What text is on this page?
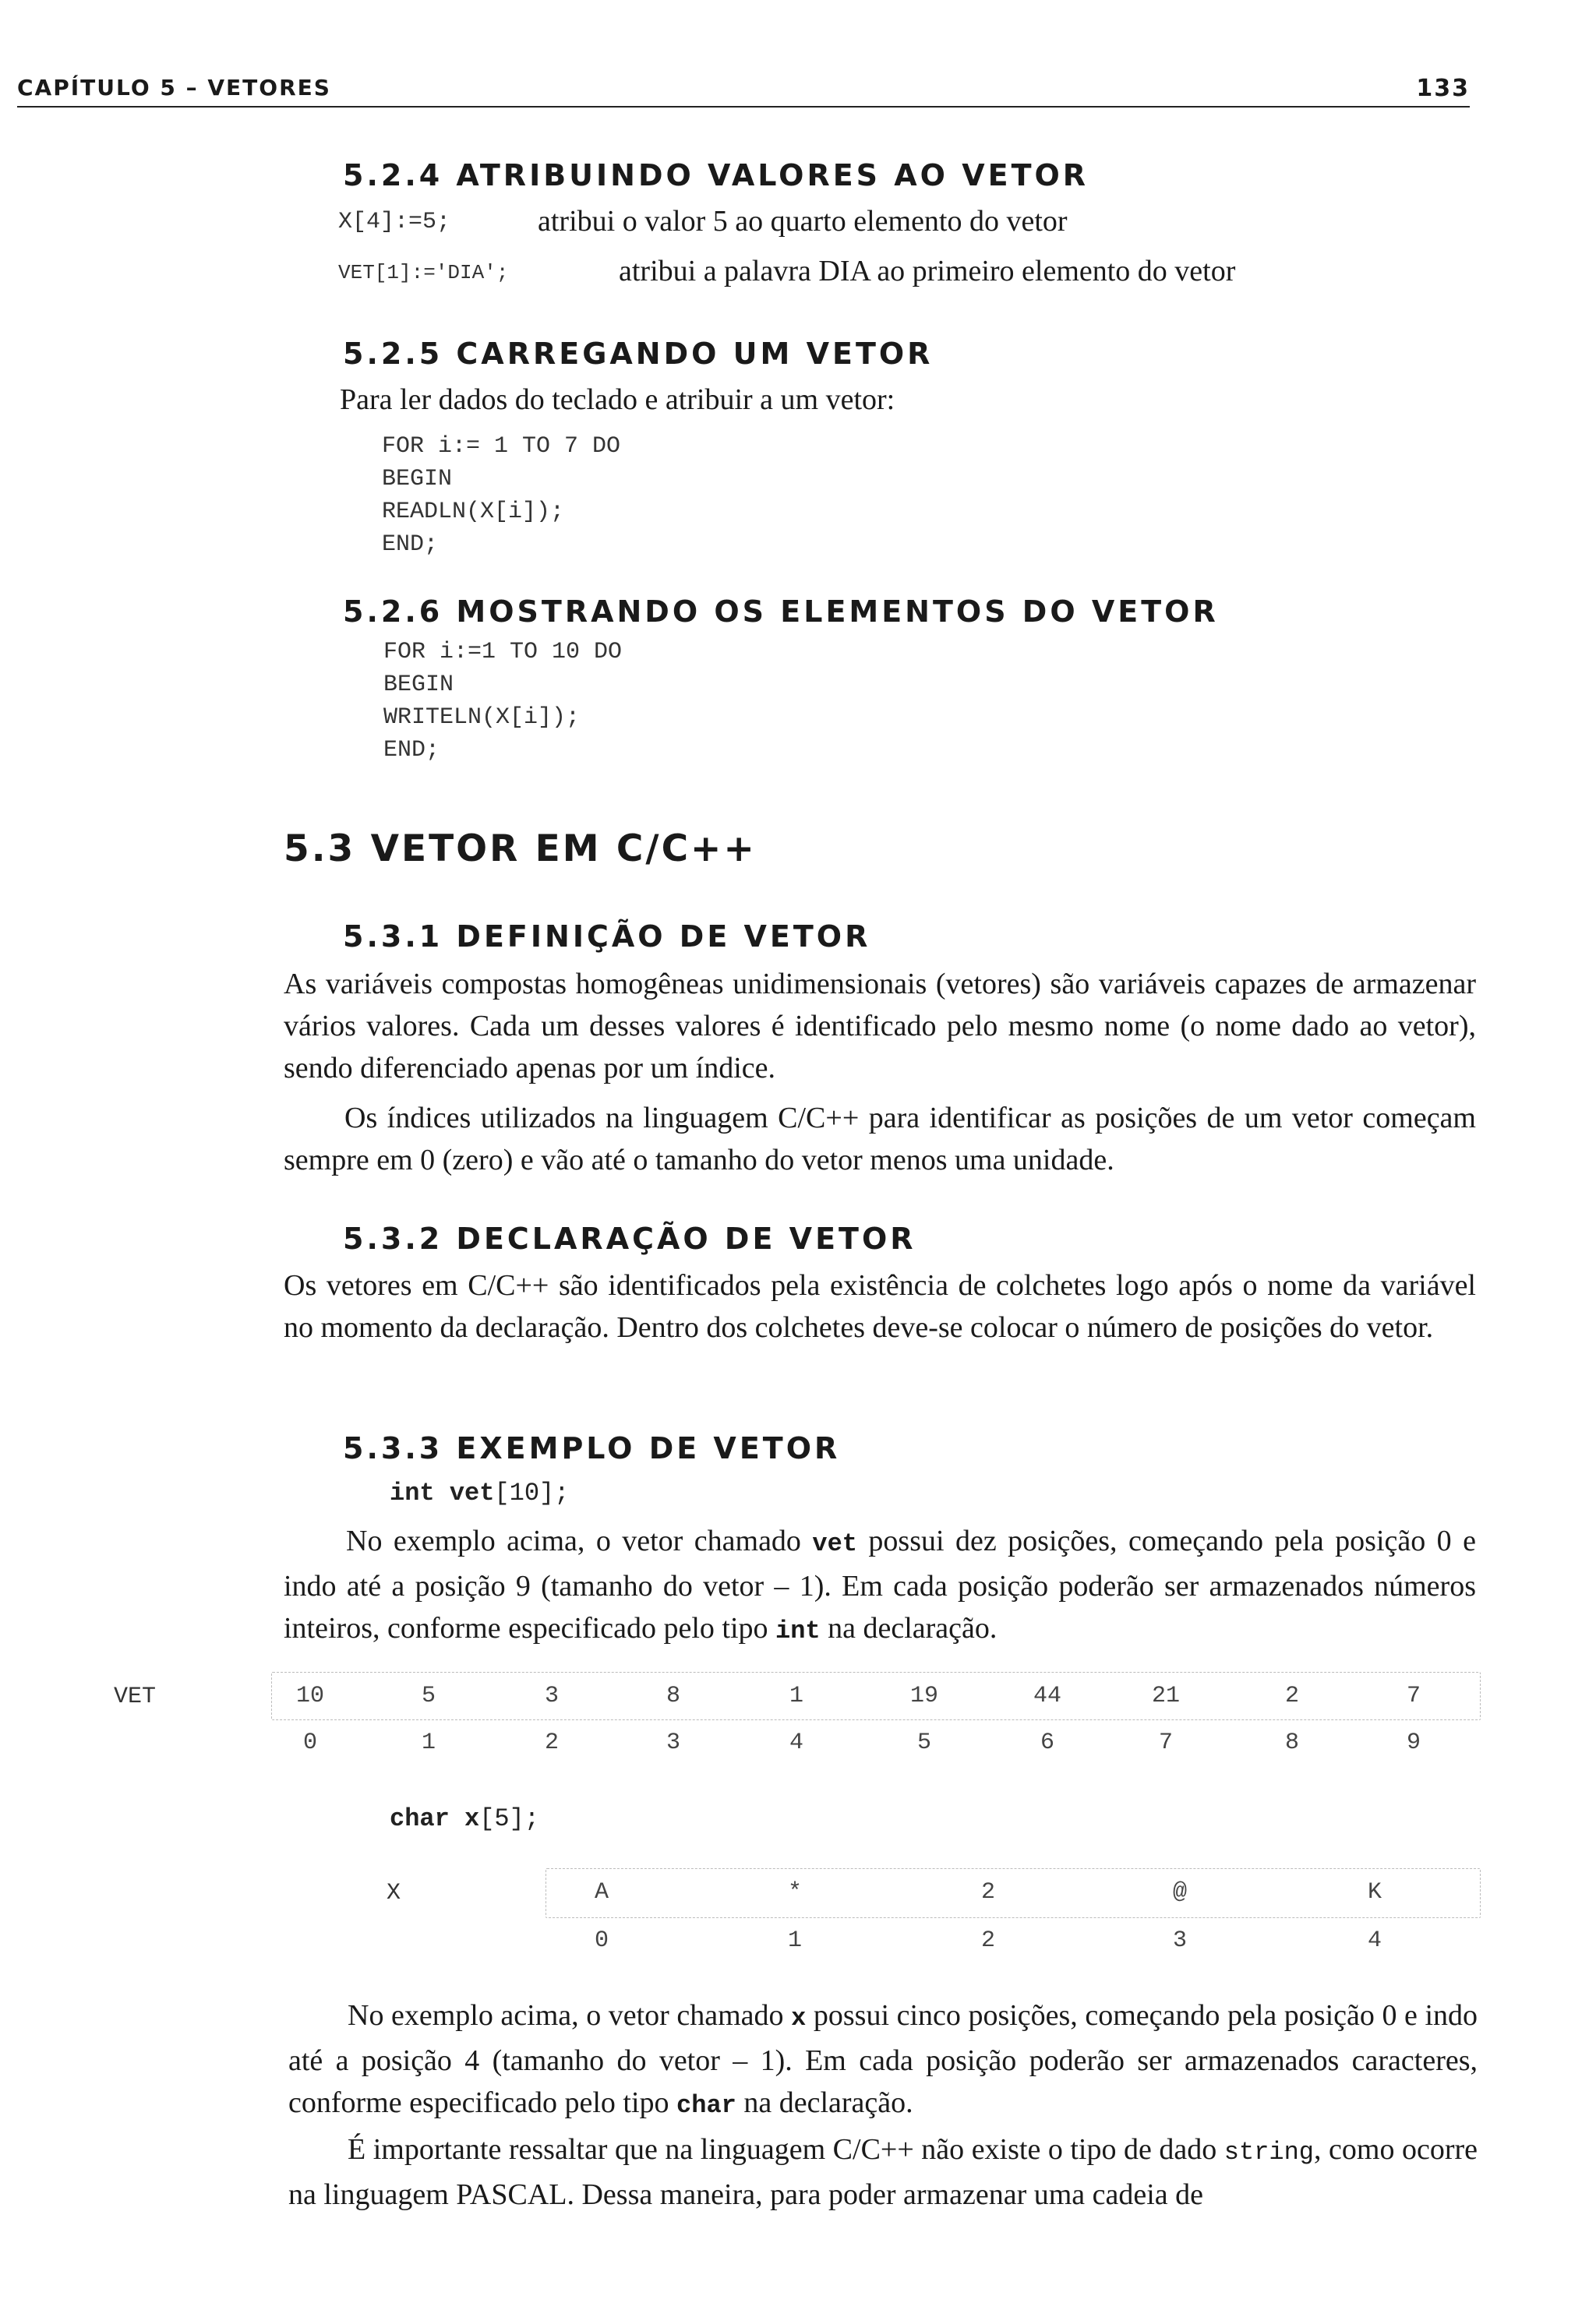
CAPÍTULO 5 – VETORES	133
5.2.4 ATRIBUINDO VALORES AO VETOR
X[4]:=5;	atribui o valor 5 ao quarto elemento do vetor
VET[1]:='DIA';	atribui a palavra DIA ao primeiro elemento do vetor
5.2.5 CARREGANDO UM VETOR
Para ler dados do teclado e atribuir a um vetor:
FOR i:= 1 TO 7 DO
BEGIN
READLN(X[i]);
END;
5.2.6 MOSTRANDO OS ELEMENTOS DO VETOR
FOR i:=1 TO 10 DO
BEGIN
WRITELN(X[i]);
END;
5.3 VETOR EM C/C++
5.3.1 DEFINIÇÃO DE VETOR
As variáveis compostas homogêneas unidimensionais (vetores) são variáveis capazes de armazenar vários valores. Cada um desses valores é identificado pelo mesmo nome (o nome dado ao vetor), sendo diferenciado apenas por um índice.
Os índices utilizados na linguagem C/C++ para identificar as posições de um vetor começam sempre em 0 (zero) e vão até o tamanho do vetor menos uma unidade.
5.3.2 DECLARAÇÃO DE VETOR
Os vetores em C/C++ são identificados pela existência de colchetes logo após o nome da variável no momento da declaração. Dentro dos colchetes deve-se colocar o número de posições do vetor.
5.3.3 EXEMPLO DE VETOR
int vet[10];
No exemplo acima, o vetor chamado vet possui dez posições, começando pela posição 0 e indo até a posição 9 (tamanho do vetor – 1). Em cada posição poderão ser armazenados números inteiros, conforme especificado pelo tipo int na declaração.
VET	10	5	3	8	1	19	44	21	2	7
0	1	2	3	4	5	6	7	8	9
char x[5];
X	A	*	2	@	K
0	1	2	3	4
No exemplo acima, o vetor chamado x possui cinco posições, começando pela posição 0 e indo até a posição 4 (tamanho do vetor – 1). Em cada posição poderão ser armazenados caracteres, conforme especificado pelo tipo char na declaração.
É importante ressaltar que na linguagem C/C++ não existe o tipo de dado string, como ocorre na linguagem PASCAL. Dessa maneira, para poder armazenar uma cadeia de
